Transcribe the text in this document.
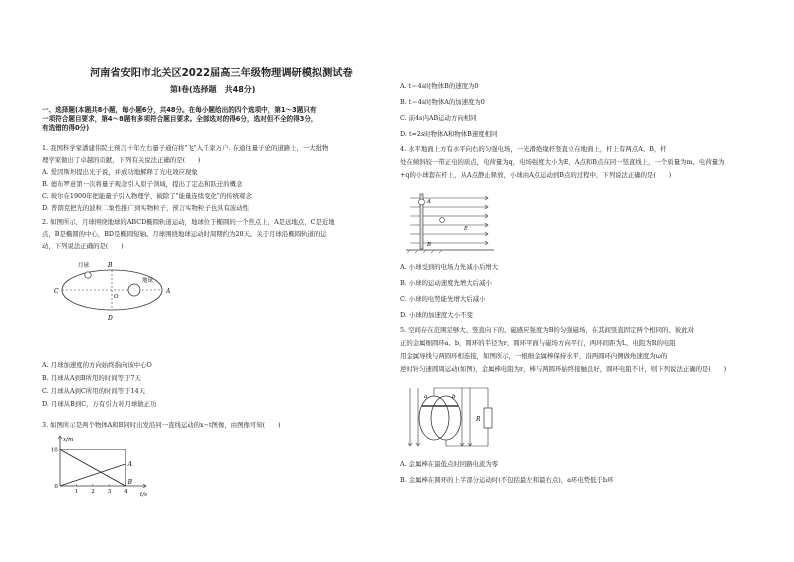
河南省安阳市北关区2022届高三年级物理调研模拟测试卷
第Ⅰ卷(选择题　共48分)
一、选择题(本题共8小题，每小题6分，共48分。在每小题给出的四个选项中，第1～3题只有
一项符合题目要求，第4～8题有多项符合题目要求。全部选对的得6分，选对但不全的得3分，
有选错的得0分)
1. 我国科学家潘建伟院士预言十年左右量子通信将"飞"入千家万户. 在通往量子论的道路上，一大批物
理学家做出了卓越的贡献，下列有关说法正确的是(　　)
A. 爱因斯坦提出光子说，并成功地解释了光电效应现象
B. 德布罗意第一次将量子观念引入原子领域，提出了定态和跃迁的概念
C. 玻尔在1900年把能量子引入物理学，破除了"能量连续变化"的传统观念
D. 普朗克把光的波粒二象性推广到实物粒子，预言实物粒子也具有波动性
2. 如图所示，月球围绕地球的ABCD椭圆轨道运动，地球位于椭圆的一个焦点上，A是远地点，C是近地
点，B是椭圆的中心，BD是椭圆短轴。月球围绕地球运动时周期约为28天。关于月球沿椭圆轨道的运
动，下列说法正确的是(　　)
月球
地球
C	A
B
D
O
A. 月球加速度的方向始终指向该中心O
B. 月球从A到B所用的时间等于7天
C. 月球从A到C所用的时间等于14天
D. 月球从B到C，万有引力对月球做正功
3. 如图所示是两个物体A和B同时出发沿同一直线运动的x−t图像，由图像可知(　　)
x/m
t/s
1 2 3 4
0
10
A
B
A. t＝4s时物体B的速度为0
B. t＝4s时物体A的加速度为0
C. 前4s内AB运动方向相同
D. t=2s时物体A和物体B速度相同
4. 水平地面上方有水平向右的匀强电场，一光滑绝缘杆竖直立在地面上，杆上有两点A、B，杆
处在倾斜较一带正电的质点，电荷量为q，电场强度大小为E，A点和B点在同一竖直线上，一个质量为m、电荷量为
+q的小球套在杆上，从A点静止释放，小球由A点运动到B点的过程中，下列说法正确的是(　　)
A
B
E
A. 小球受到的电场力先减小后增大
B. 小球的运动速度先增大后减小
C. 小球的电势能先增大后减小
D. 小球的加速度大小不变
5. 空间存在范围足够大、竖直向下的、磁感应强度为B的匀强磁场，在其间竖直固定两个相同的、彼此对
正的金属细圆环a、b，圆环的半径为r，圆环平面与磁场方向平行，两环间距为L，电阻为R的电阻
用金属导线与两圆环相连接，如图所示，一根细金属棒保持水平，沿两圆环内侧做角速度为ω的
逆时针匀速圆周运动(如图)，金属棒电阻为r，棒与两圆环始终接触良好，圆环电阻不计，则下列说法正确的是(　　)
a	b
R
A. 金属棒在最低点时回路电流为零
B. 金属棒在圆环的上半部分运动时(不包括最左和最右点)，a环电势低于b环
